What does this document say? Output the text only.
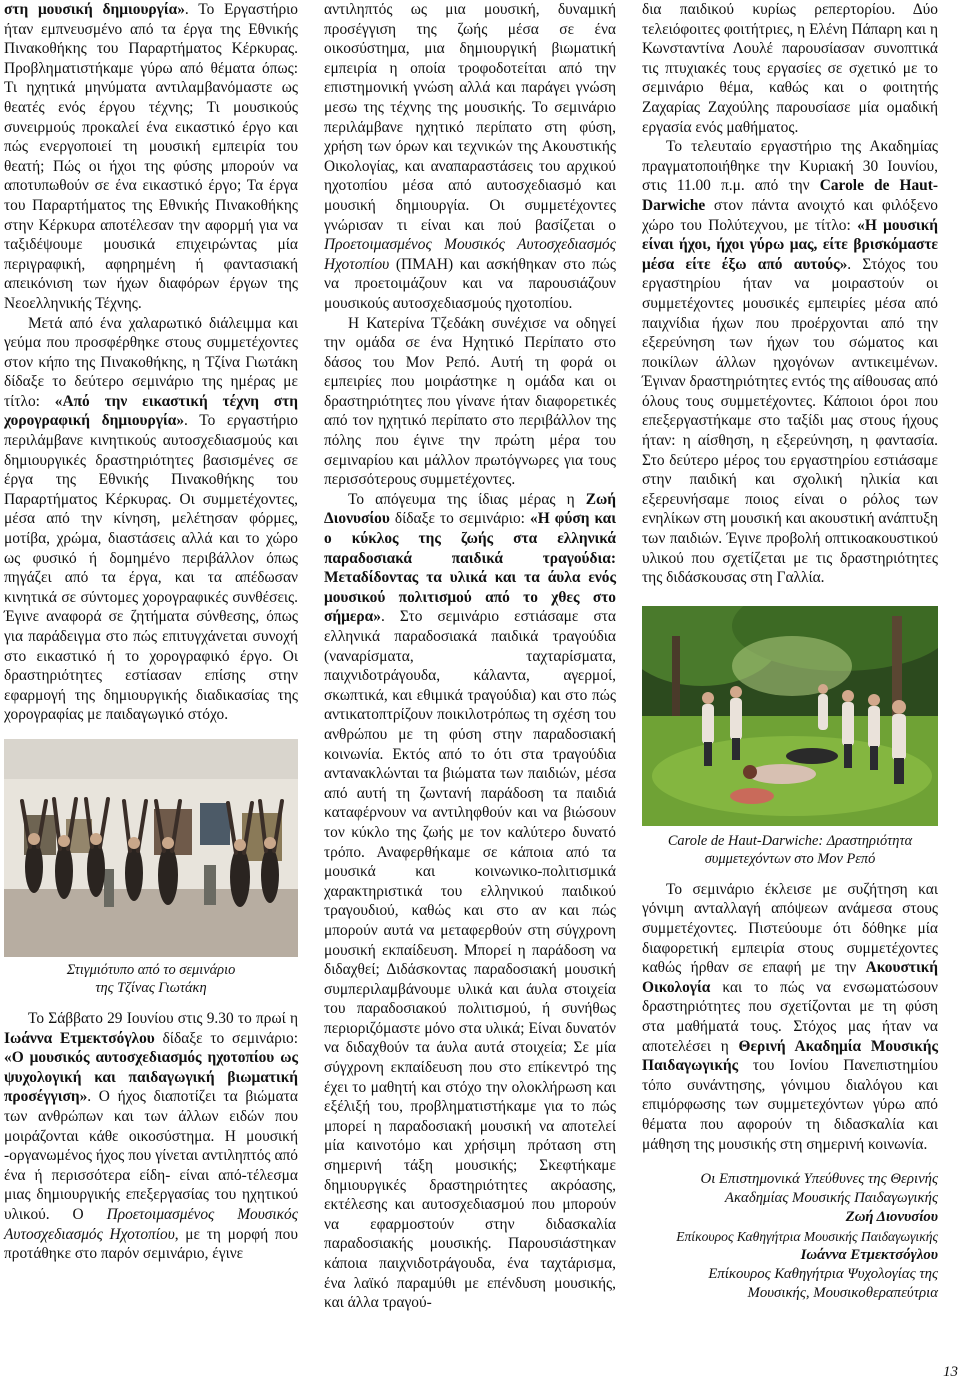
στη μουσική δημιουργία». Το Εργαστήριο ήταν εμπνευσμένο από τα έργα της Εθνικής Πινακοθήκης του Παραρτήματος Κέρκυρας. Προβληματιστήκαμε γύρω από θέματα όπως: Τι ηχητικά μηνύματα αντιλαμβανόμαστε ως θεατές ενός έργου τέχνης; Τι μουσικούς συνειρμούς προκαλεί ένα εικαστικό έργο και πώς ενεργοποιεί τη μουσική εμπειρία του θεατή; Πώς οι ήχοι της φύσης μπορούν να αποτυπωθούν σε ένα εικαστικό έργο; Τα έργα του Παραρτήματος της Εθνικής Πινακοθήκης στην Κέρκυρα αποτέλεσαν την αφορμή για να ταξιδέψουμε μουσικά επιχειρώντας μία περιγραφική, αφηρημένη ή φαντασιακή απεικόνιση των ήχων διαφόρων έργων της Νεοελληνικής Τέχνης.

Μετά από ένα χαλαρωτικό διάλειμμα και γεύμα που προσφέρθηκε στους συμμετέχοντες στον κήπο της Πινακοθήκης, η Τζίνα Γιωτάκη δίδαξε το δεύτερο σεμινάριο της ημέρας με τίτλο: «Από την εικαστική τέχνη στη χορογραφική δημιουργία». Το εργαστήριο περιλάμβανε κινητικούς αυτοσχεδιασμούς και δημιουργικές δραστηριότητες βασισμένες σε έργα της Εθνικής Πινακοθήκης του Παραρτήματος Κέρκυρας. Οι συμμετέχοντες, μέσα από την κίνηση, μελέτησαν φόρμες, μοτίβα, χρώμα, διαστάσεις αλλά και το χώρο ως φυσικό ή δομημένο περιβάλλον όπως πηγάζει από τα έργα, και τα απέδωσαν κινητικά σε σύντομες χορογραφικές συνθέσεις. Έγινε αναφορά σε ζητήματα σύνθεσης, όπως για παράδειγμα στο πώς επιτυγχάνεται συνοχή στο εικαστικό ή το χορογραφικό έργο. Οι δραστηριότητες εστίασαν επίσης στην εφαρμογή της δημιουργικής διαδικασίας της χορογραφίας με παιδαγωγικό στόχο.

Στιγμιότυπο από το σεμινάριο
της Τζίνας Γιωτάκη

Το Σάββατο 29 Ιουνίου στις 9.30 το πρωί η Ιωάννα Ετμεκτσόγλου δίδαξε το σεμινάριο: «Ο μουσικός αυτοσχεδιασμός ηχοτοπίου ως ψυχολογική και παιδαγωγική βιωματική προσέγγιση». Ο ήχος διαποτίζει τα βιώματα των ανθρώπων και των άλλων ειδών που μοιράζονται κάθε οικοσύστημα. Η μουσική -οργανωμένος ήχος που γίνεται αντιληπτός από ένα ή περισσότερα είδη- είναι από-τέλεσμα μιας δημιουργικής επεξεργασίας του ηχητικού υλικού. Ο Προετοιμασμένος Μουσικός Αυτοσχεδιασμός Ηχοτοπίου, με τη μορφή που προτάθηκε στο παρόν σεμινάριο, έγινε

αντιληπτός ως μια μουσική, δυναμική προσέγγιση της ζωής μέσα σε ένα οικοσύστημα, μια δημιουργική βιωματική εμπειρία η οποία τροφοδοτείται από την επιστημονική γνώση αλλά και παράγει γνώση μεσω της τέχνης της μουσικής. Το σεμινάριο περιλάμβανε ηχητικό περίπατο στη φύση, χρήση των όρων και τεχνικών της Ακουστικής Οικολογίας, και αναπαραστάσεις του αρχικού ηχοτοπίου μέσα από αυτοσχεδιασμό και μουσική δημιουργία. Οι συμμετέχοντες γνώρισαν τι είναι και πού βασίζεται ο Προετοιμασμένος Μουσικός Αυτοσχεδιασμός Ηχοτοπίου (ΠΜΑΗ) και ασκήθηκαν στο πώς να προετοιμάζουν και να παρουσιάζουν μουσικούς αυτοσχεδιασμούς ηχοτοπίου.

Η Κατερίνα Τζεδάκη συνέχισε να οδηγεί την ομάδα σε ένα Ηχητικό Περίπατο στο δάσος του Μον Ρεπό. Αυτή τη φορά οι εμπειρίες που μοιράστηκε η ομάδα και οι δραστηριότητες που γίνανε ήταν διαφορετικές από τον ηχητικό περίπατο στο περιβάλλον της πόλης που έγινε την πρώτη μέρα του σεμιναρίου και μάλλον πρωτόγνωρες για τους περισσότερους συμμετέχοντες.

Το απόγευμα της ίδιας μέρας η Ζωή Διονυσίου δίδαξε το σεμινάριο: «Η φύση και ο κύκλος της ζωής στα ελληνικά παραδοσιακά παιδικά τραγούδια: Μεταδίδοντας τα υλικά και τα άυλα ενός μουσικού πολιτισμού από το χθες στο σήμερα». Στο σεμινάριο εστιάσαμε στα ελληνικά παραδοσιακά παιδικά τραγούδια (ναναρίσματα, ταχταρίσματα, παιχνιδοτράγουδα, κάλαντα, αγερμοί, σκωπτικά, και εθιμικά τραγούδια) και στο πώς αντικατοπτρίζουν ποικιλοτρόπως τη σχέση του ανθρώπου με τη φύση στην παραδοσιακή κοινωνία. Εκτός από το ότι στα τραγούδια αντανακλώνται τα βιώματα των παιδιών, μέσα από αυτή τη ζωντανή παράδοση τα παιδιά καταφέρνουν να αντιληφθούν και να βιώσουν τον κύκλο της ζωής με τον καλύτερο δυνατό τρόπο. Αναφερθήκαμε σε κάποια από τα μουσικά και κοινωνικο-πολιτισμικά χαρακτηριστικά του ελληνικού παιδικού τραγουδιού, καθώς και στο αν και πώς μπορούν αυτά να μεταφερθούν στη σύγχρονη μουσική εκπαίδευση. Μπορεί η παράδοση να διδαχθεί; Διδάσκοντας παραδοσιακή μουσική συμπεριλαμβάνουμε υλικά και άυλα στοιχεία του παραδοσιακού πολιτισμού, ή συνήθως περιοριζόμαστε μόνο στα υλικά; Είναι δυνατόν να διδαχθούν τα άυλα αυτά στοιχεία; Σε μία σύγχρονη εκπαίδευση που στο επίκεντρό της έχει το μαθητή και στόχο την ολοκλήρωση και εξέλιξή του, προβληματιστήκαμε για το πώς μπορεί η παραδοσιακή μουσική να αποτελεί μία καινοτόμο και χρήσιμη πρόταση στη σημερινή τάξη μουσικής; Σκεφτήκαμε δημιουργικές δραστηριότητες ακρόασης, εκτέλεσης και αυτοσχεδιασμού που μπορούν να εφαρμοστούν στην διδασκαλία παραδοσιακής μουσικής. Παρουσιάστηκαν κάποια παιχνιδοτράγουδα, ένα ταχτάρισμα, ένα λαϊκό παραμύθι με επένδυση μουσικής, και άλλα τραγού-

δια παιδικού κυρίως ρεπερτορίου. Δύο τελειόφοιτες φοιτήτριες, η Ελένη Πάπαρη και η Κωνσταντίνα Λουλέ παρουσίασαν συνοπτικά τις πτυχιακές τους εργασίες σε σχετικό με το σεμινάριο θέμα, καθώς και ο φοιτητής Ζαχαρίας Ζαχούλης παρουσίασε μία ομαδική εργασία ενός μαθήματος.

Το τελευταίο εργαστήριο της Ακαδημίας πραγματοποιήθηκε την Κυριακή 30 Ιουνίου, στις 11.00 π.μ. από την Carole de Haut-Darwiche στον πάντα ανοιχτό και φιλόξενο χώρο του Πολύτεχνου, με τίτλο: «Η μουσική είναι ήχοι, ήχοι γύρω μας, είτε βρισκόμαστε μέσα είτε έξω από αυτούς». Στόχος του εργαστηρίου ήταν να μοιραστούν οι συμμετέχοντες μουσικές εμπειρίες μέσα από παιχνίδια ήχων που προέρχονται από την εξερεύνηση των ήχων του σώματος και ποικίλων άλλων ηχογόνων αντικειμένων. Έγιναν δραστηριότητες εντός της αίθουσας από όλους τους συμμετέχοντες. Κάποιοι όροι που επεξεργαστήκαμε στο ταξίδι μας στους ήχους ήταν: η αίσθηση, η εξερεύνηση, η φαντασία. Στο δεύτερο μέρος του εργαστηρίου εστιάσαμε στην παιδική και σχολική ηλικία και εξερευνήσαμε ποιος είναι ο ρόλος των ενηλίκων στη μουσική και ακουστική ανάπτυξη των παιδιών. Έγινε προβολή οπτικοακουστικού υλικού που σχετίζεται με τις δραστηριότητες της διδάσκουσας στη Γαλλία.

Carole de Haut-Darwiche: Δραστηριότητα
συμμετεχόντων στο Μον Ρεπό

Το σεμινάριο έκλεισε με συζήτηση και γόνιμη ανταλλαγή απόψεων ανάμεσα στους συμμετέχοντες. Πιστεύουμε ότι δόθηκε μία διαφορετική εμπειρία στους συμμετέχοντες καθώς ήρθαν σε επαφή με την Ακουστική Οικολογία και το πώς να ενσωματώσουν δραστηριότητες που σχετίζονται με τη φύση στα μαθήματά τους. Στόχος μας ήταν να αποτελέσει η Θερινή Ακαδημία Μουσικής Παιδαγωγικής του Ιονίου Πανεπιστημίου τόπο συνάντησης, γόνιμου διαλόγου και επιμόρφωσης των συμμετεχόντων γύρω από θέματα που αφορούν τη διδασκαλία και μάθηση της μουσικής στη σημερινή κοινωνία.

Οι Επιστημονικά Υπεύθυνες της Θερινής
Ακαδημίας Μουσικής Παιδαγωγικής
Ζωή Διονυσίου
Επίκουρος Καθηγήτρια Μουσικής Παιδαγωγικής
Ιωάννα Ετμεκτσόγλου
Επίκουρος Καθηγήτρια Ψυχολογίας της
Μουσικής, Μουσικοθεραπεύτρια
13
